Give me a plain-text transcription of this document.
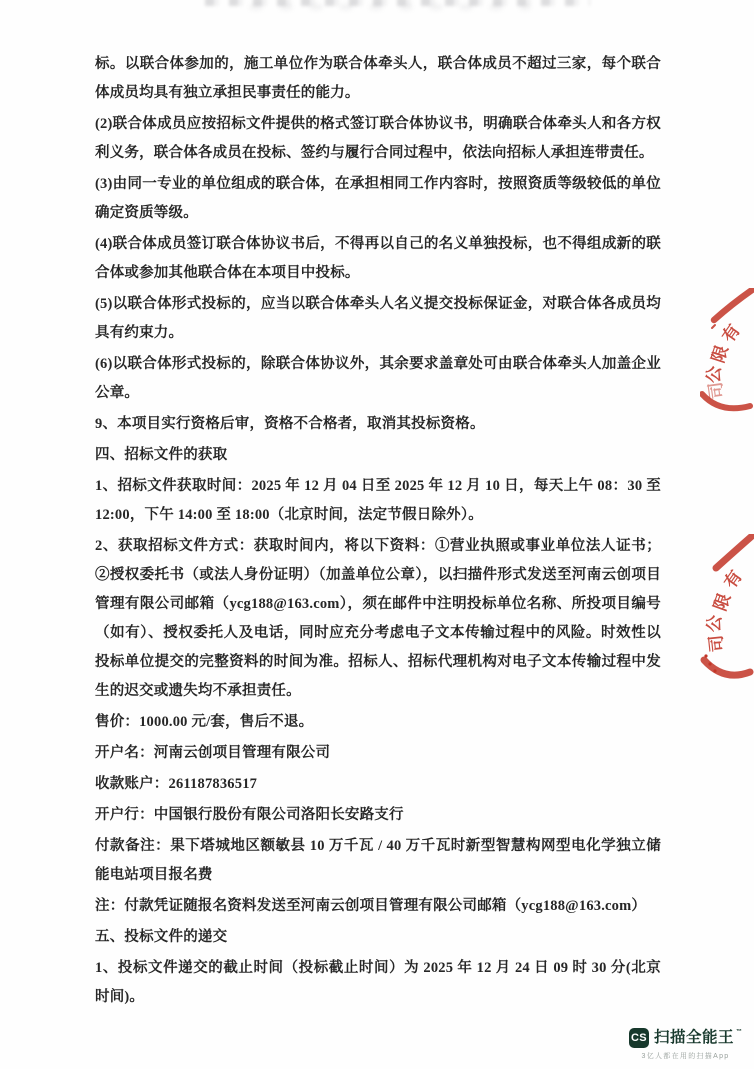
标。以联合体参加的，施工单位作为联合体牵头人，联合体成员不超过三家，每个联合体成员均具有独立承担民事责任的能力。

(2)联合体成员应按招标文件提供的格式签订联合体协议书，明确联合体牵头人和各方权利义务，联合体各成员在投标、签约与履行合同过程中，依法向招标人承担连带责任。

(3)由同一专业的单位组成的联合体，在承担相同工作内容时，按照资质等级较低的单位确定资质等级。

(4)联合体成员签订联合体协议书后，不得再以自己的名义单独投标，也不得组成新的联合体或参加其他联合体在本项目中投标。

(5)以联合体形式投标的，应当以联合体牵头人名义提交投标保证金，对联合体各成员均具有约束力。

(6)以联合体形式投标的，除联合体协议外，其余要求盖章处可由联合体牵头人加盖企业公章。

9、本项目实行资格后审，资格不合格者，取消其投标资格。

四、招标文件的获取

1、招标文件获取时间：2025 年 12 月 04 日至 2025 年 12 月 10 日，每天上午 08：30 至 12:00，下午 14:00 至 18:00（北京时间，法定节假日除外）。

2、获取招标文件方式：获取时间内，将以下资料：①营业执照或事业单位法人证书；②授权委托书（或法人身份证明）（加盖单位公章），以扫描件形式发送至河南云创项目管理有限公司邮箱（ycg188@163.com），须在邮件中注明投标单位名称、所投项目编号（如有）、授权委托人及电话，同时应充分考虑电子文本传输过程中的风险。时效性以投标单位提交的完整资料的时间为准。招标人、招标代理机构对电子文本传输过程中发生的迟交或遗失均不承担责任。

售价：1000.00 元/套，售后不退。

开户名：河南云创项目管理有限公司

收款账户：261187836517

开户行：中国银行股份有限公司洛阳长安路支行

付款备注：果下塔城地区额敏县 10 万千瓦 / 40 万千瓦时新型智慧构网型电化学独立储能电站项目报名费

注：付款凭证随报名资料发送至河南云创项目管理有限公司邮箱（ycg188@163.com）

五、投标文件的递交

1、投标文件递交的截止时间（投标截止时间）为 2025 年 12 月 24 日 09 时 30 分(北京时间)。

有
限
公
司
有
限
公
司
CS 扫描全能王 ™
3亿人都在用的扫描App
